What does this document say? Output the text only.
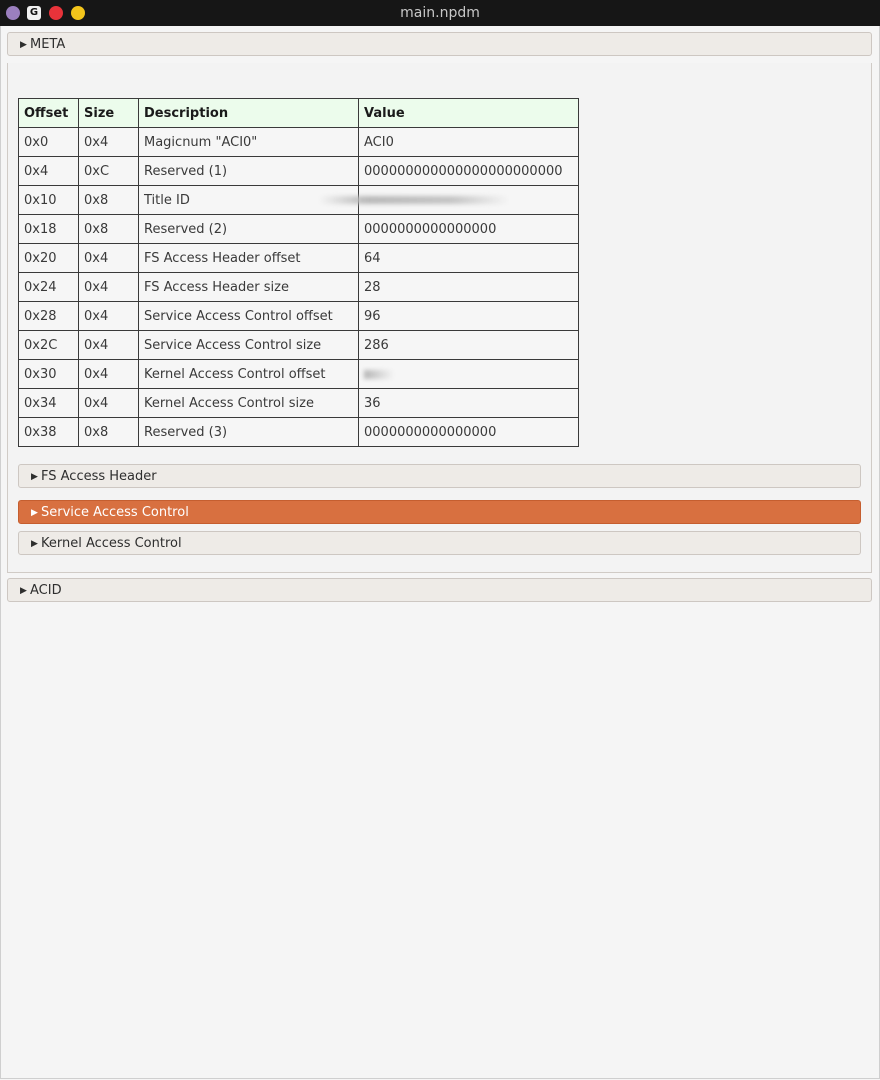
G	main.npdm
▶ META
Offset	Size	Description	Value
0x0	0x4	Magicnum "ACI0"	ACI0
0x4	0xC	Reserved (1)	000000000000000000000000
0x10	0x8	Title ID	
0x18	0x8	Reserved (2)	0000000000000000
0x20	0x4	FS Access Header offset	64
0x24	0x4	FS Access Header size	28
0x28	0x4	Service Access Control offset	96
0x2C	0x4	Service Access Control size	286
0x30	0x4	Kernel Access Control offset	
0x34	0x4	Kernel Access Control size	36
0x38	0x8	Reserved (3)	0000000000000000
▶ FS Access Header
▶ Service Access Control
▶ Kernel Access Control
▶ ACID
